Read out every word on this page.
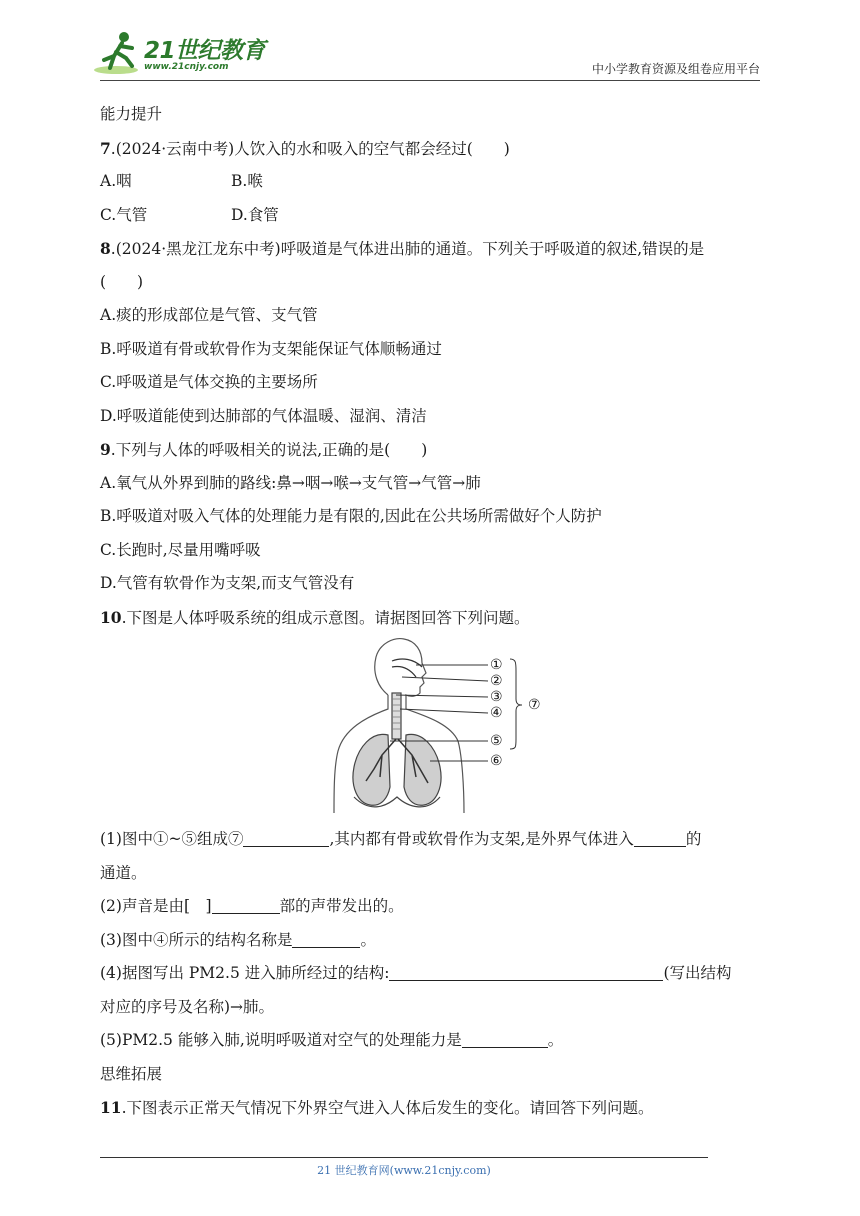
21世纪教育
www.21cnjy.com	中小学教育资源及组卷应用平台
能力提升
7.(2024·云南中考)人饮入的水和吸入的空气都会经过(　　)
A.咽	B.喉
C.气管	D.食管
8.(2024·黑龙江龙东中考)呼吸道是气体进出肺的通道。下列关于呼吸道的叙述,错误的是
(　　)
A.痰的形成部位是气管、支气管
B.呼吸道有骨或软骨作为支架能保证气体顺畅通过
C.呼吸道是气体交换的主要场所
D.呼吸道能使到达肺部的气体温暖、湿润、清洁
9.下列与人体的呼吸相关的说法,正确的是(　　)
A.氧气从外界到肺的路线:鼻→咽→喉→支气管→气管→肺
B.呼吸道对吸入气体的处理能力是有限的,因此在公共场所需做好个人防护
C.长跑时,尽量用嘴呼吸
D.气管有软骨作为支架,而支气管没有
10.下图是人体呼吸系统的组成示意图。请据图回答下列问题。
①
②
③
④
⑤
⑥
⑦
(1)图中①~⑤组成⑦	,其内都有骨或软骨作为支架,是外界气体进入	的
通道。
(2)声音是由[　]	部的声带发出的。
(3)图中④所示的结构名称是	。
(4)据图写出 PM2.5 进入肺所经过的结构:	(写出结构
对应的序号及名称)→肺。
(5)PM2.5 能够入肺,说明呼吸道对空气的处理能力是	。
思维拓展
11.下图表示正常天气情况下外界空气进入人体后发生的变化。请回答下列问题。
21 世纪教育网(www.21cnjy.com)
